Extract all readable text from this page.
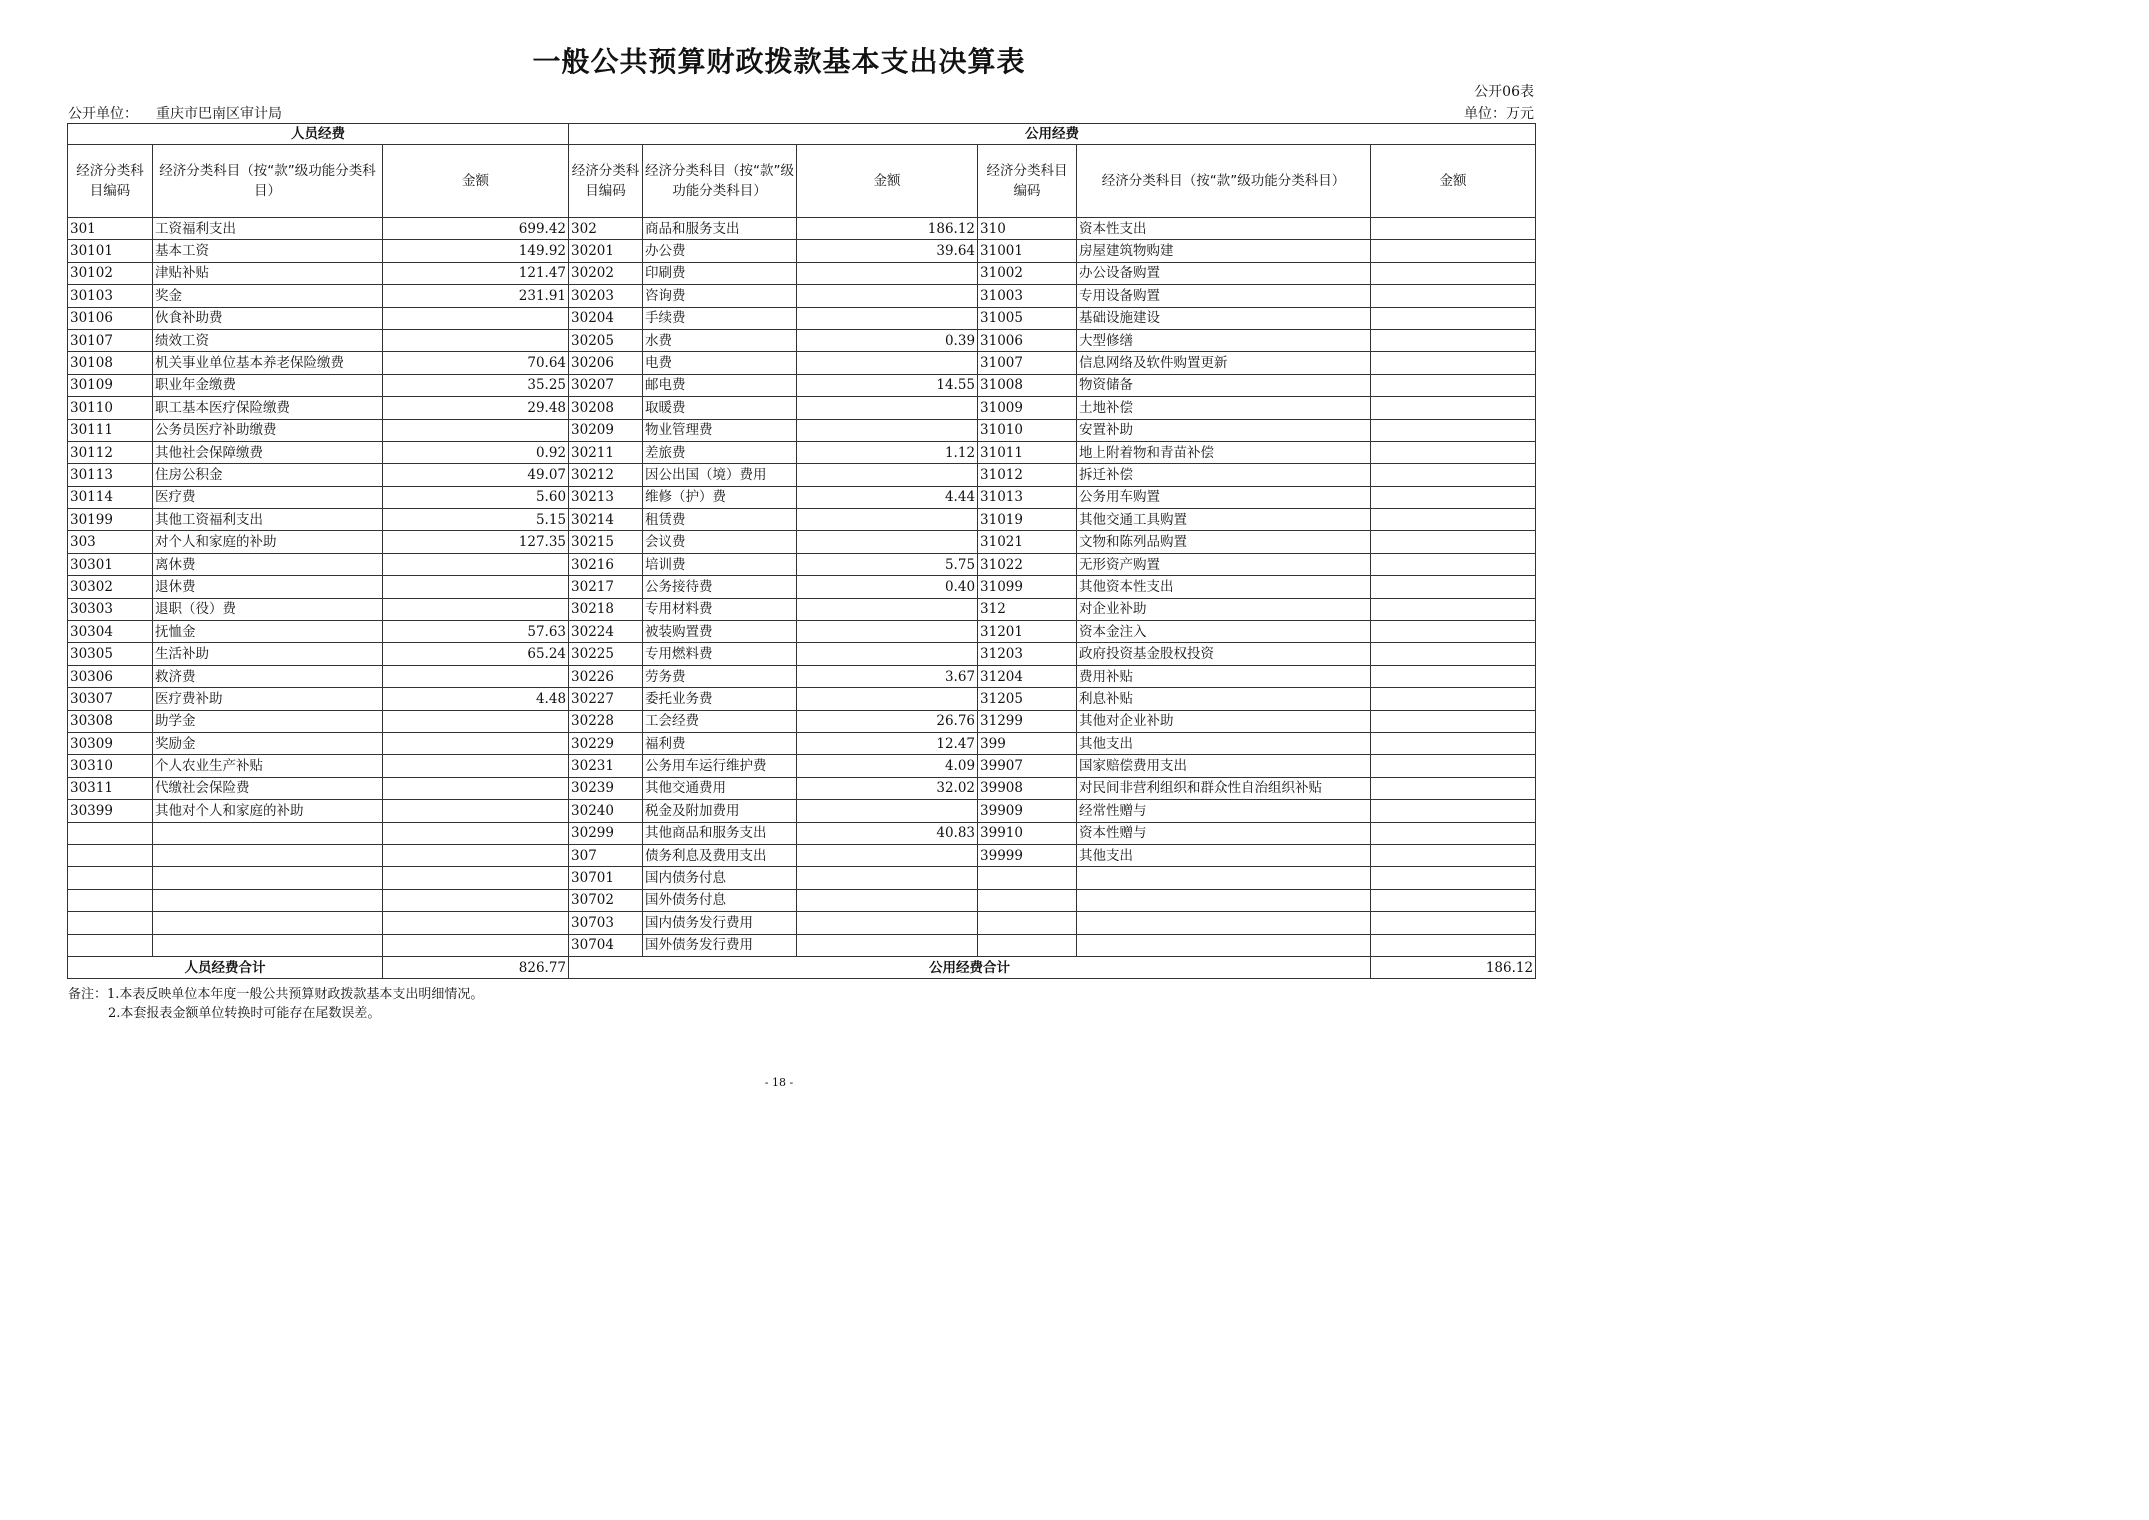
一般公共预算财政拨款基本支出决算表
公开06表
公开单位： 重庆市巴南区审计局	单位：万元
人员经费			公用经费					
经济分类科目编码	经济分类科目（按“款”级功能分类科目）	金额	经济分类科目编码	经济分类科目（按“款”级功能分类科目）	金额	经济分类科目编码	经济分类科目（按“款”级功能分类科目）	金额
301	工资福利支出	699.42	302	商品和服务支出	186.12	310	资本性支出	
30101	基本工资	149.92	30201	办公费	39.64	31001	房屋建筑物购建	
30102	津贴补贴	121.47	30202	印刷费		31002	办公设备购置	
30103	奖金	231.91	30203	咨询费		31003	专用设备购置	
30106	伙食补助费		30204	手续费		31005	基础设施建设	
30107	绩效工资		30205	水费	0.39	31006	大型修缮	
30108	机关事业单位基本养老保险缴费	70.64	30206	电费		31007	信息网络及软件购置更新	
30109	职业年金缴费	35.25	30207	邮电费	14.55	31008	物资储备	
30110	职工基本医疗保险缴费	29.48	30208	取暖费		31009	土地补偿	
30111	公务员医疗补助缴费		30209	物业管理费		31010	安置补助	
30112	其他社会保障缴费	0.92	30211	差旅费	1.12	31011	地上附着物和青苗补偿	
30113	住房公积金	49.07	30212	因公出国（境）费用		31012	拆迁补偿	
30114	医疗费	5.60	30213	维修（护）费	4.44	31013	公务用车购置	
30199	其他工资福利支出	5.15	30214	租赁费		31019	其他交通工具购置	
303	对个人和家庭的补助	127.35	30215	会议费		31021	文物和陈列品购置	
30301	离休费		30216	培训费	5.75	31022	无形资产购置	
30302	退休费		30217	公务接待费	0.40	31099	其他资本性支出	
30303	退职（役）费		30218	专用材料费		312	对企业补助	
30304	抚恤金	57.63	30224	被装购置费		31201	资本金注入	
30305	生活补助	65.24	30225	专用燃料费		31203	政府投资基金股权投资	
30306	救济费		30226	劳务费	3.67	31204	费用补贴	
30307	医疗费补助	4.48	30227	委托业务费		31205	利息补贴	
30308	助学金		30228	工会经费	26.76	31299	其他对企业补助	
30309	奖励金		30229	福利费	12.47	399	其他支出	
30310	个人农业生产补贴		30231	公务用车运行维护费	4.09	39907	国家赔偿费用支出	
30311	代缴社会保险费		30239	其他交通费用	32.02	39908	对民间非营利组织和群众性自治组织补贴	
30399	其他对个人和家庭的补助		30240	税金及附加费用		39909	经常性赠与	
			30299	其他商品和服务支出	40.83	39910	资本性赠与	
			307	债务利息及费用支出		39999	其他支出	
			30701	国内债务付息				
			30702	国外债务付息				
			30703	国内债务发行费用				
			30704	国外债务发行费用				
人员经费合计		826.77	公用经费合计					186.12
备注：1.本表反映单位本年度一般公共预算财政拨款基本支出明细情况。
2.本套报表金额单位转换时可能存在尾数误差。
- 18 -
